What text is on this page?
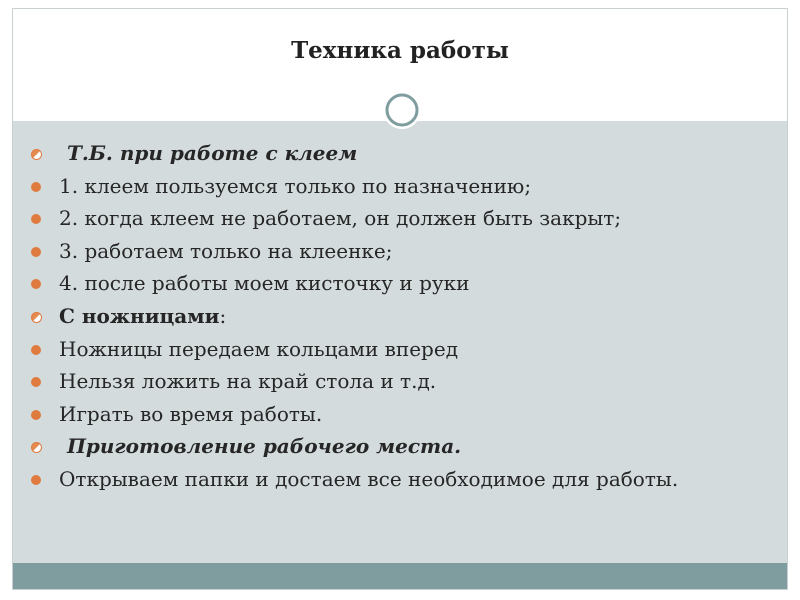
Техника работы
Т.Б. при работе с клеем
1. клеем пользуемся только по назначению;
2. когда клеем не работаем, он должен быть закрыт;
3. работаем только на клеенке;
4. после работы моем кисточку и руки
С ножницами:
Ножницы передаем кольцами вперед
Нельзя ложить на край стола и т.д.
Играть во время работы.
Приготовление рабочего места.
Открываем папки и достаем все необходимое для работы.
